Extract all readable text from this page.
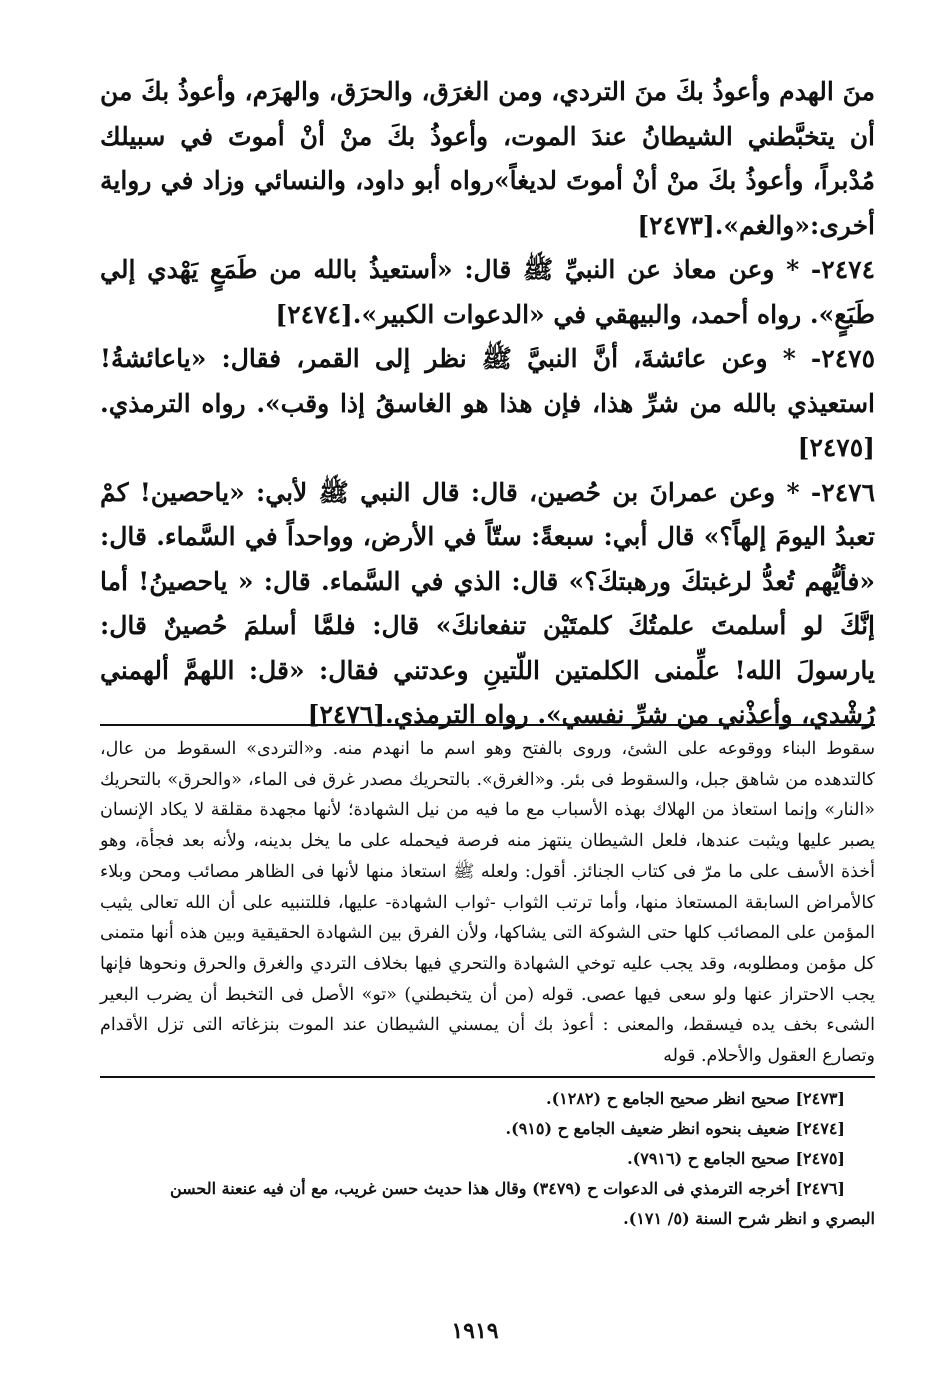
منَ الهدم وأعوذُ بكَ منَ التردي، ومن الغرَق، والحرَق، والهرَم، وأعوذُ بكَ من أن يتخبَّطني الشيطانُ عندَ الموت، وأعوذُ بكَ منْ أنْ أموتَ في سبيلك مُدْبراً، وأعوذُ بكَ منْ أنْ أموتَ لديغاً»رواه أبو داود، والنسائي وزاد في رواية أخرى:«والغم».[٢٤٧٣]

٢٤٧٤- * وعن معاذ عن النبيِّ ﷺ قال: «أستعيذُ بالله من طَمَعٍ يَهْدي إلي طَبَعٍ». رواه أحمد، والبيهقي في «الدعوات الكبير».[٢٤٧٤]

٢٤٧٥- * وعن عائشةَ، أنَّ النبيَّ ﷺ نظر إلى القمر، فقال: «ياعائشةُ! استعيذي بالله من شرِّ هذا، فإن هذا هو الغاسقُ إذا وقب». رواه الترمذي.[٢٤٧٥]

٢٤٧٦- * وعن عمرانَ بن حُصين، قال: قال النبي ﷺ لأبي: «ياحصين! كمْ تعبدُ اليومَ إلهاً؟» قال أبي: سبعةً: ستّاً في الأرض، وواحداً في السَّماء. قال: «فأيُّهم تُعدُّ لرغبتكَ ورهبتكَ؟» قال: الذي في السَّماء. قال: « ياحصينُ! أما إنَّكَ لو أسلمتَ علمتُكَ كلمتَيْن تنفعانكَ» قال: فلمَّا أسلمَ حُصينٌ قال: يارسولَ الله! علِّمنى الكلمتين اللّتينِ وعدتني فقال: «قل: اللهمَّ ألهمني رُشْدي، وأعذْني من شرِّ نفسي». رواه الترمذي.[٢٤٧٦]

سقوط البناء ووقوعه على الشئ، وروى بالفتح وهو اسم ما انهدم منه. و«التردى» السقوط من عال، كالتدهده من شاهق جبل، والسقوط فى بئر. و«الغرق». بالتحريك مصدر غرق فى الماء، «والحرق» بالتحريك «النار» وإنما استعاذ من الهلاك بهذه الأسباب مع ما فيه من نيل الشهادة؛ لأنها مجهدة مقلقة لا يكاد الإنسان يصبر عليها ويثبت عندها، فلعل الشيطان ينتهز منه فرصة فيحمله على ما يخل بدينه، ولأنه بعد فجأة، وهو أخذة الأسف على ما مرّ فى كتاب الجنائز. أقول: ولعله ﷺ استعاذ منها لأنها فى الظاهر مصائب ومحن وبلاء كالأمراض السابقة المستعاذ منها، وأما ترتب الثواب -ثواب الشهادة- عليها، فللتنبيه على أن الله تعالى يثيب المؤمن على المصائب كلها حتى الشوكة التى يشاكها، ولأن الفرق بين الشهادة الحقيقية وبين هذه أنها متمنى كل مؤمن ومطلوبه، وقد يجب عليه توخي الشهادة والتحري فيها بخلاف التردي والغرق والحرق ونحوها فإنها يجب الاحتراز عنها ولو سعى فيها عصى. قوله (من أن يتخبطني) «تو» الأصل فى التخبط أن يضرب البعير الشىء بخف يده فيسقط، والمعنى : أعوذ بك أن يمسني الشيطان عند الموت بنزغاته التى تزل الأقدام وتصارع العقول والأحلام. قوله

[٢٤٧٣] صحيح انظر صحيح الجامع ح (١٢٨٢).
[٢٤٧٤] ضعيف بنحوه انظر ضعيف الجامع ح (٩١٥).
[٢٤٧٥] صحيح الجامع ح (٧٩١٦).
[٢٤٧٦] أخرجه الترمذي فى الدعوات ح (٣٤٧٩) وقال هذا حديث حسن غريب، مع أن فيه عنعنة الحسن
البصري و انظر شرح السنة (٥/ ١٧١).
١٩١٩
